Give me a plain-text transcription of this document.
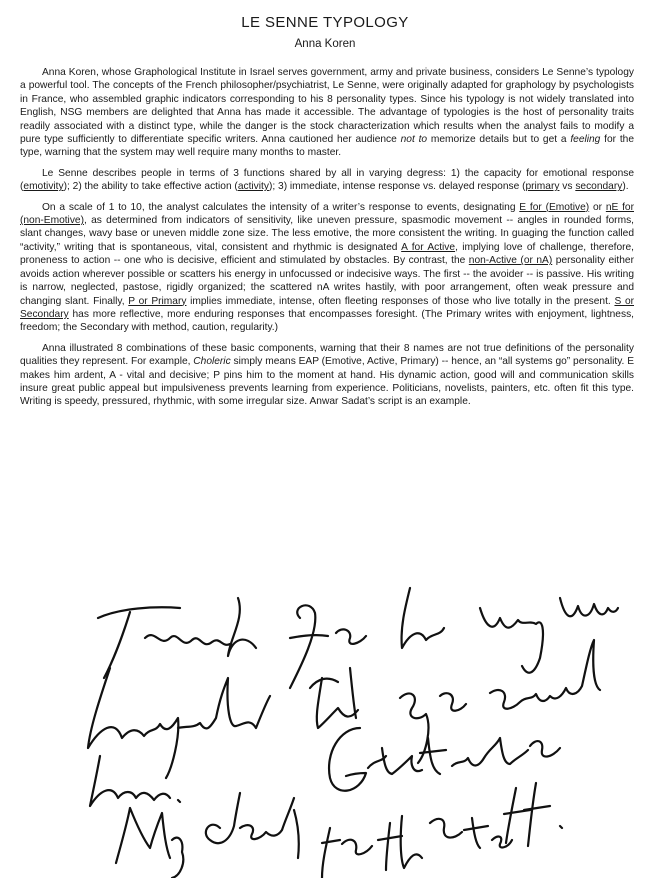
LE SENNE TYPOLOGY
Anna Koren

Anna Koren, whose Graphological Institute in Israel serves government, army and private business, considers Le Senne’s typology a powerful tool. The concepts of the French philosopher/psychiatrist, Le Senne, were originally adapted for graphology by psychologists in France, who assembled graphic indicators corresponding to his 8 personality types. Since his typology is not widely translated into English, NSG members are delighted that Anna has made it accessible. The advantage of typologies is the host of personality traits readily associated with a distinct type, while the danger is the stock characterization which results when the analyst fails to modify a pure type sufficiently to differentiate specific writers. Anna cautioned her audience not to memorize details but to get a feeling for the type, warning that the system may well require many months to master.

Le Senne describes people in terms of 3 functions shared by all in varying degress: 1) the capacity for emotional response (emotivity); 2) the ability to take effective action (activity); 3) immediate, intense response vs. delayed response (primary vs secondary).

On a scale of 1 to 10, the analyst calculates the intensity of a writer’s response to events, designating E for (Emotive) or nE for (non-Emotive), as determined from indicators of sensitivity, like uneven pressure, spasmodic movement -- angles in rounded forms, slant changes, wavy base or uneven middle zone size. The less emotive, the more consistent the writing. In guaging the function called “activity,” writing that is spontaneous, vital, consistent and rhythmic is designated A for Active, implying love of challenge, therefore, proneness to action -- one who is decisive, efficient and stimulated by obstacles. By contrast, the non-Active (or nA) personality either avoids action wherever possible or scatters his energy in unfocussed or indecisive ways. The first -- the avoider -- is passive. His writing is narrow, neglected, pastose, rigidly organized; the scattered nA writes hastily, with poor arrangement, often weak pressure and changing slant. Finally, P or Primary implies immediate, intense, often fleeting responses of those who live totally in the present. S or Secondary has more reflective, more enduring responses that encompasses foresight. (The Primary writes with enjoyment, lightness, freedom; the Secondary with method, caution, regularity.)

Anna illustrated 8 combinations of these basic components, warning that their 8 names are not true definitions of the personality qualities they represent. For example, Choleric simply means EAP (Emotive, Active, Primary) -- hence, an “all systems go” personality. E makes him ardent, A - vital and decisive; P pins him to the moment at hand. His dynamic action, good will and communication skills insure great public appeal but impulsiveness prevents learning from experience. Politicians, novelists, painters, etc. often fit this type. Writing is speedy, pressured, rhythmic, with some irregular size. Anwar Sadat’s script is an example.
